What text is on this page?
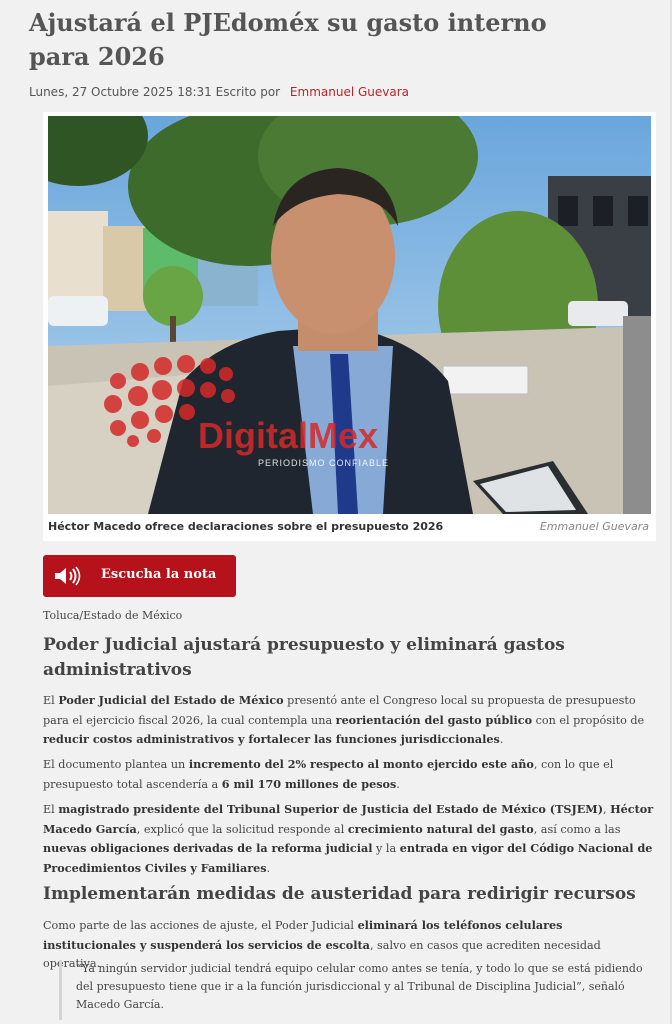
Ajustará el PJEdoméx su gasto interno para 2026
Lunes, 27 Octubre 2025 18:31 Escrito por Emmanuel Guevara
DigitalMex
PERIODISMO CONFIABLE
Héctor Macedo ofrece declaraciones sobre el presupuesto 2026	Emmanuel Guevara
Escucha la nota
Toluca/Estado de México
Poder Judicial ajustará presupuesto y eliminará gastos administrativos

El Poder Judicial del Estado de México presentó ante el Congreso local su propuesta de presupuesto para el ejercicio fiscal 2026, la cual contempla una reorientación del gasto público con el propósito de reducir costos administrativos y fortalecer las funciones jurisdiccionales.

El documento plantea un incremento del 2% respecto al monto ejercido este año, con lo que el presupuesto total ascendería a 6 mil 170 millones de pesos.

El magistrado presidente del Tribunal Superior de Justicia del Estado de México (TSJEM), Héctor Macedo García, explicó que la solicitud responde al crecimiento natural del gasto, así como a las nuevas obligaciones derivadas de la reforma judicial y la entrada en vigor del Código Nacional de Procedimientos Civiles y Familiares.

Implementarán medidas de austeridad para redirigir recursos

Como parte de las acciones de ajuste, el Poder Judicial eliminará los teléfonos celulares institucionales y suspenderá los servicios de escolta, salvo en casos que acrediten necesidad operativa.

“Ya ningún servidor judicial tendrá equipo celular como antes se tenía, y todo lo que se está pidiendo del presupuesto tiene que ir a la función jurisdiccional y al Tribunal de Disciplina Judicial”, señaló Macedo García.
